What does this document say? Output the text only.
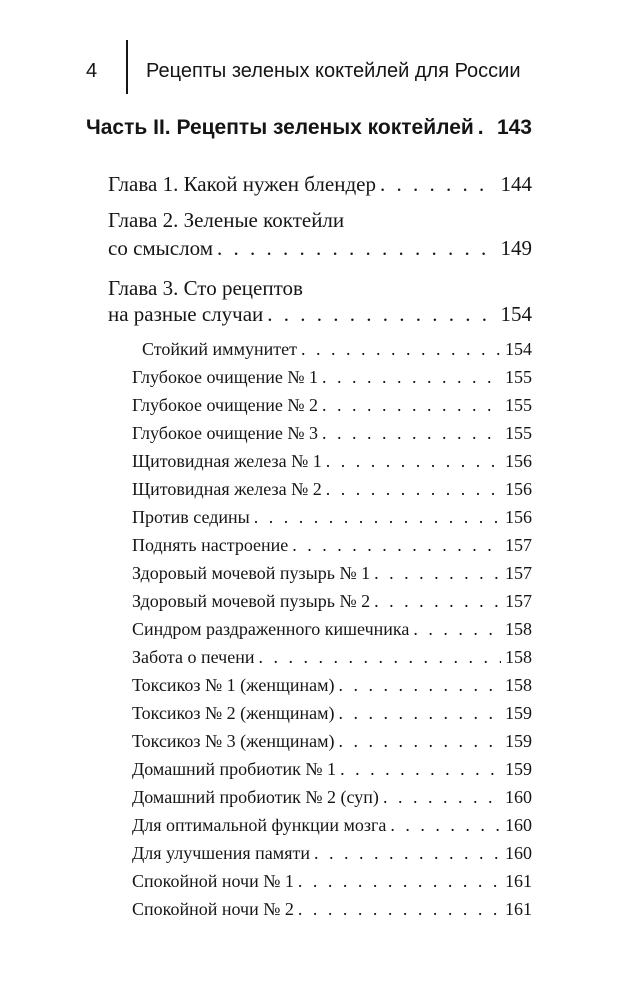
4 Рецепты зеленых коктейлей для России
Часть II. Рецепты зеленых коктейлей . . . 143
Глава 1. Какой нужен блендер . . .	144
Глава 2. Зеленые коктейли
со смыслом . . .	149
Глава 3. Сто рецептов
на разные случаи . . .	154
Стойкий иммунитет . . .	154
Глубокое очищение № 1 . . .	155
Глубокое очищение № 2 . . .	155
Глубокое очищение № 3 . . .	155
Щитовидная железа № 1 . . .	156
Щитовидная железа № 2 . . .	156
Против седины . . .	156
Поднять настроение . . .	157
Здоровый мочевой пузырь № 1 . . .	157
Здоровый мочевой пузырь № 2 . . .	157
Синдром раздраженного кишечника . . .	158
Забота о печени . . .	158
Токсикоз № 1 (женщинам) . . .	158
Токсикоз № 2 (женщинам) . . .	159
Токсикоз № 3 (женщинам) . . .	159
Домашний пробиотик № 1 . . .	159
Домашний пробиотик № 2 (суп) . . .	160
Для оптимальной функции мозга . . .	160
Для улучшения памяти . . .	160
Спокойной ночи № 1 . . .	161
Спокойной ночи № 2 . . .	161
